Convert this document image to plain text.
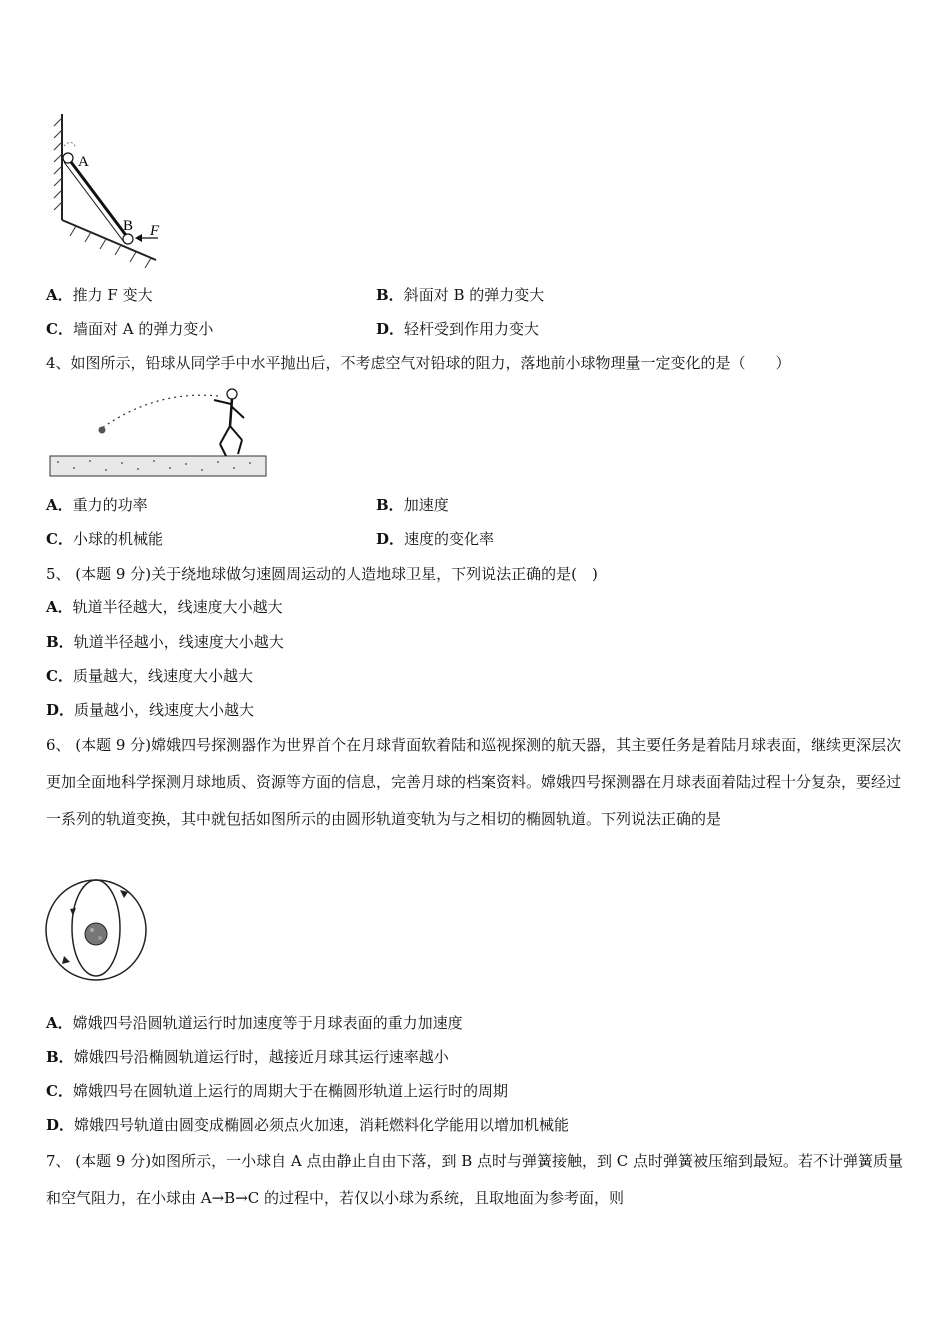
A
B F
A．推力 F 变大	B．斜面对 B 的弹力变大
C．墙面对 A 的弹力变小	D．轻杆受到作用力变大
4、如图所示，铅球从同学手中水平抛出后，不考虑空气对铅球的阻力，落地前小球物理量一定变化的是（　　）
A．重力的功率	B．加速度
C．小球的机械能	D．速度的变化率
5、 (本题 9 分)关于绕地球做匀速圆周运动的人造地球卫星，下列说法正确的是(　)
A．轨道半径越大，线速度大小越大
B．轨道半径越小，线速度大小越大
C．质量越大，线速度大小越大
D．质量越小，线速度大小越大
6、 (本题 9 分)嫦娥四号探测器作为世界首个在月球背面软着陆和巡视探测的航天器，其主要任务是着陆月球表面，继续更深层次更加全面地科学探测月球地质、资源等方面的信息，完善月球的档案资料。嫦娥四号探测器在月球表面着陆过程十分复杂，要经过一系列的轨道变换，其中就包括如图所示的由圆形轨道变轨为与之相切的椭圆轨道。下列说法正确的是
A．嫦娥四号沿圆轨道运行时加速度等于月球表面的重力加速度
B．嫦娥四号沿椭圆轨道运行时，越接近月球其运行速率越小
C．嫦娥四号在圆轨道上运行的周期大于在椭圆形轨道上运行时的周期
D．嫦娥四号轨道由圆变成椭圆必须点火加速，消耗燃料化学能用以增加机械能
7、 (本题 9 分)如图所示，一小球自 A 点由静止自由下落，到 B 点时与弹簧接触，到 C 点时弹簧被压缩到最短。若不计弹簧质量和空气阻力，在小球由 A→B→C 的过程中，若仅以小球为系统，且取地面为参考面，则
